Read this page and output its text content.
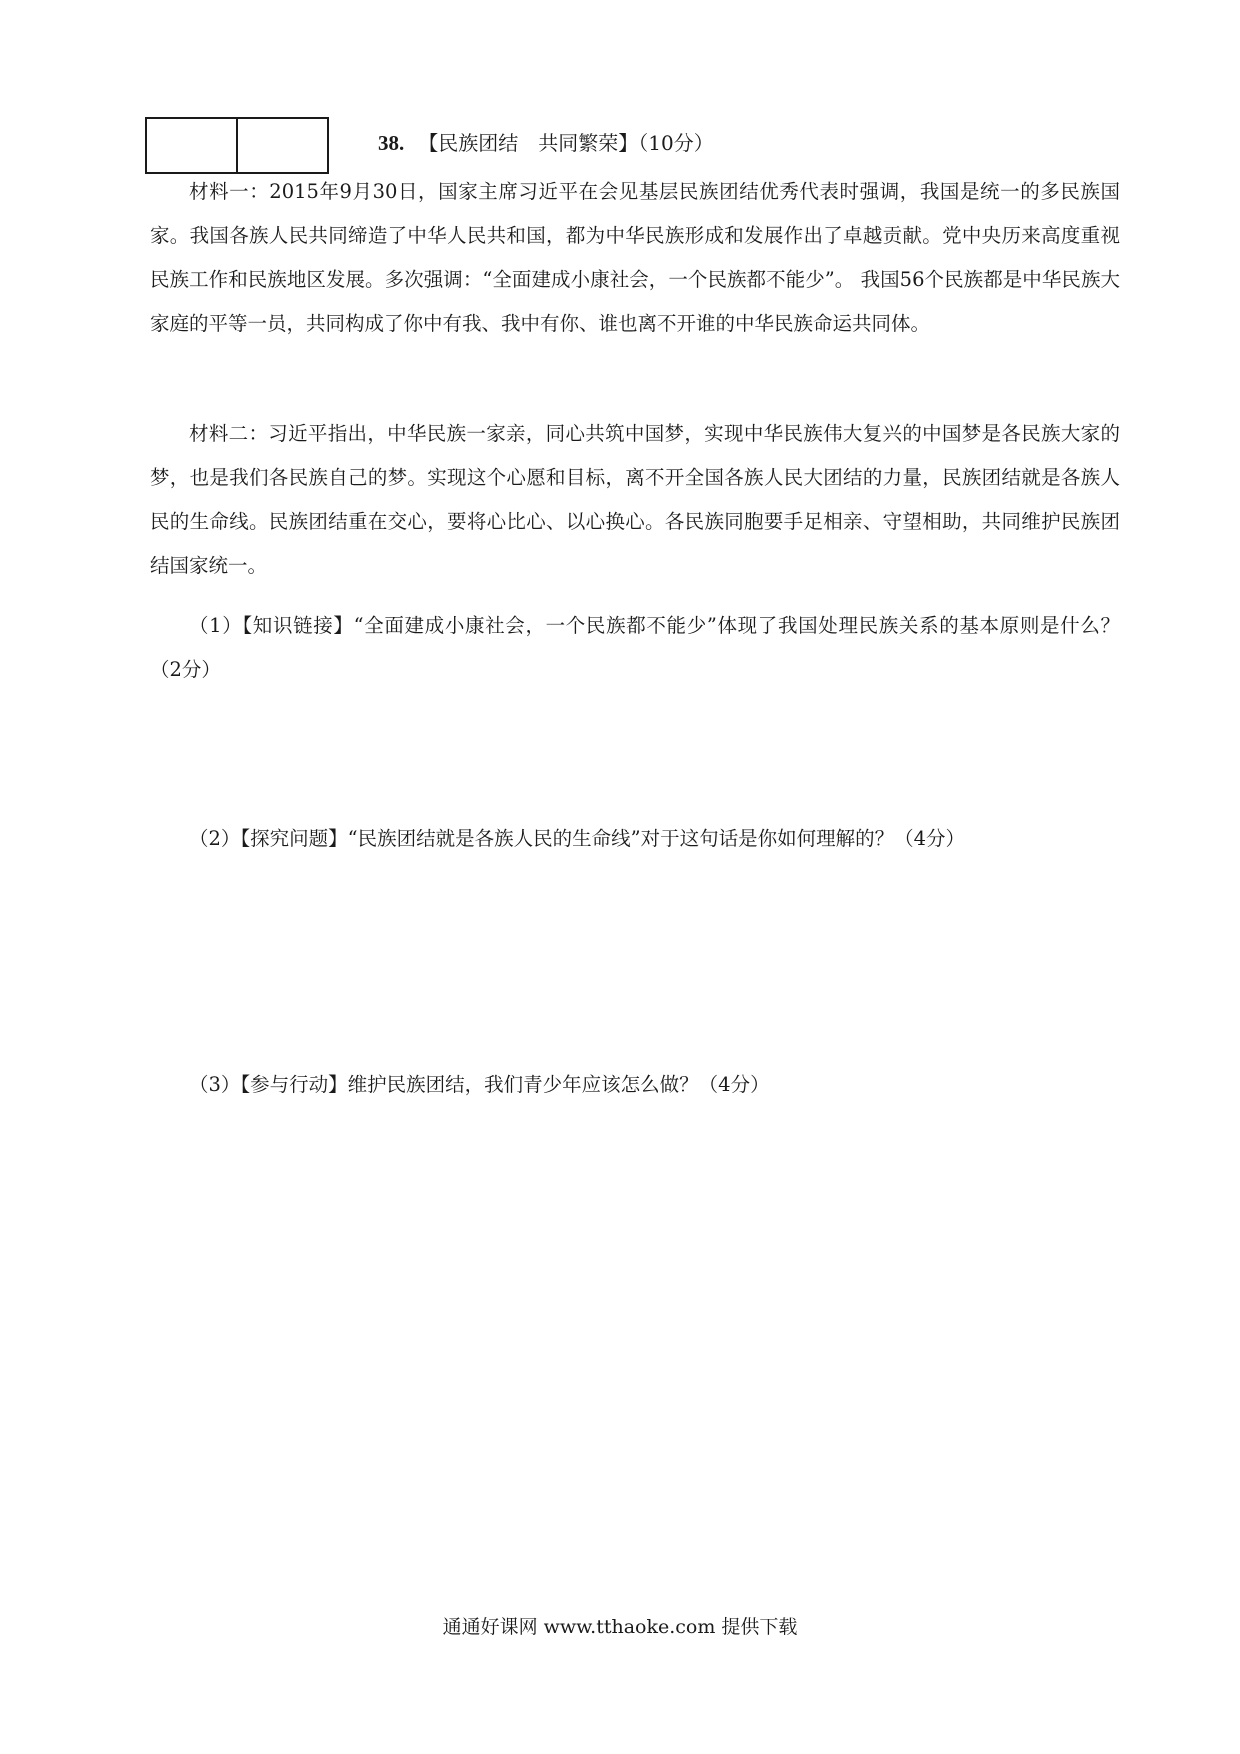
38. 【民族团结　共同繁荣】（10分）

材料一：2015年9月30日，国家主席习近平在会见基层民族团结优秀代表时强调，我国是统一的多民族国家。我国各族人民共同缔造了中华人民共和国，都为中华民族形成和发展作出了卓越贡献。党中央历来高度重视民族工作和民族地区发展。多次强调：“全面建成小康社会，一个民族都不能少”。 我国56个民族都是中华民族大家庭的平等一员，共同构成了你中有我、我中有你、谁也离不开谁的中华民族命运共同体。

材料二：习近平指出，中华民族一家亲，同心共筑中国梦，实现中华民族伟大复兴的中国梦是各民族大家的梦，也是我们各民族自己的梦。实现这个心愿和目标，离不开全国各族人民大团结的力量，民族团结就是各族人民的生命线。民族团结重在交心，要将心比心、以心换心。各民族同胞要手足相亲、守望相助，共同维护民族团结国家统一。

（1）【知识链接】“全面建成小康社会，一个民族都不能少”体现了我国处理民族关系的基本原则是什么？（2分）

（2）【探究问题】“民族团结就是各族人民的生命线”对于这句话是你如何理解的？（4分）

（3）【参与行动】维护民族团结，我们青少年应该怎么做？（4分）

通通好课网 www.tthaoke.com 提供下载
